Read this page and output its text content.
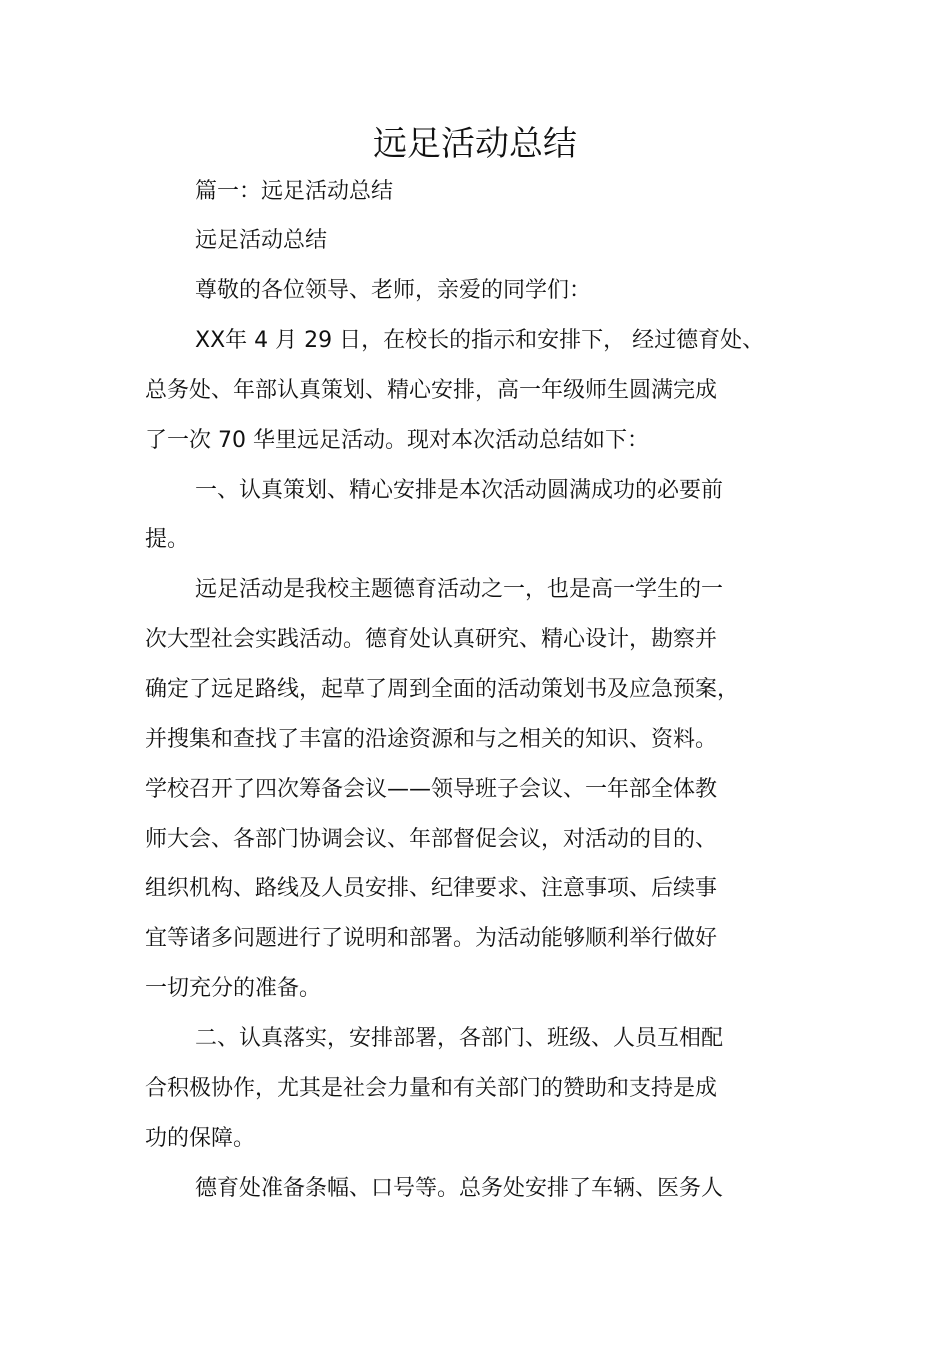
远足活动总结
篇一：远足活动总结
远足活动总结
尊敬的各位领导、老师，亲爱的同学们：
XX年 4 月 29 日，在校长的指示和安排下， 经过德育处、
总务处、年部认真策划、精心安排，高一年级师生圆满完成
了一次 70 华里远足活动。现对本次活动总结如下：
一、认真策划、精心安排是本次活动圆满成功的必要前
提。
远足活动是我校主题德育活动之一，也是高一学生的一
次大型社会实践活动。德育处认真研究、精心设计，勘察并
确定了远足路线，起草了周到全面的活动策划书及应急预案，
并搜集和查找了丰富的沿途资源和与之相关的知识、资料。
学校召开了四次筹备会议——领导班子会议、一年部全体教
师大会、各部门协调会议、年部督促会议，对活动的目的、
组织机构、路线及人员安排、纪律要求、注意事项、后续事
宜等诸多问题进行了说明和部署。为活动能够顺利举行做好
一切充分的准备。
二、认真落实，安排部署，各部门、班级、人员互相配
合积极协作，尤其是社会力量和有关部门的赞助和支持是成
功的保障。
德育处准备条幅、口号等。总务处安排了车辆、医务人
